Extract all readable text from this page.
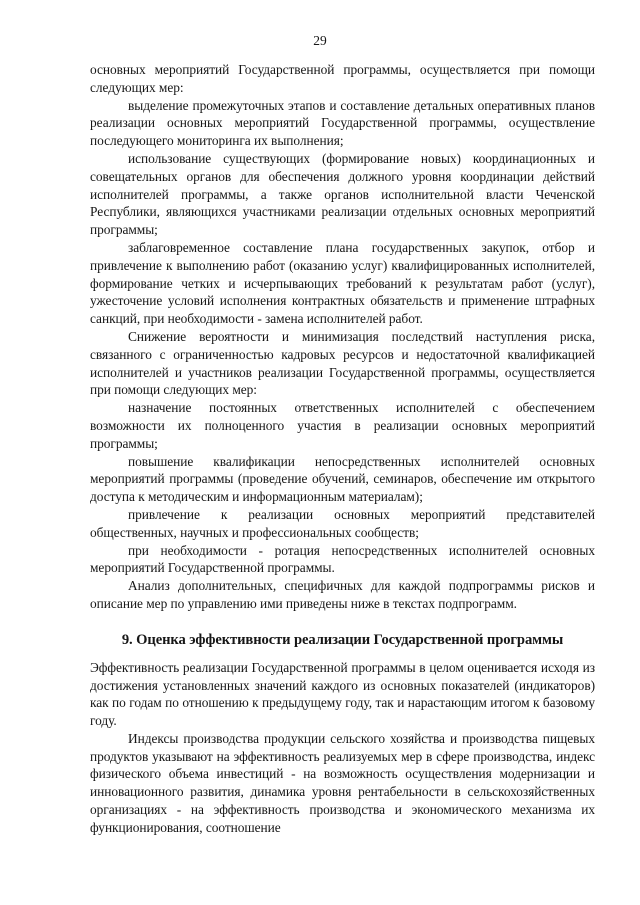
29

основных мероприятий Государственной программы, осуществляется при помощи следующих мер:

выделение промежуточных этапов и составление детальных оперативных планов реализации основных мероприятий Государственной программы, осуществление последующего мониторинга их выполнения;

использование существующих (формирование новых) координационных и совещательных органов для обеспечения должного уровня координации действий исполнителей программы, а также органов исполнительной власти Чеченской Республики, являющихся участниками реализации отдельных основных мероприятий программы;

заблаговременное составление плана государственных закупок, отбор и привлечение к выполнению работ (оказанию услуг) квалифицированных исполнителей, формирование четких и исчерпывающих требований к результатам работ (услуг), ужесточение условий исполнения контрактных обязательств и применение штрафных санкций, при необходимости - замена исполнителей работ.

Снижение вероятности и минимизация последствий наступления риска, связанного с ограниченностью кадровых ресурсов и недостаточной квалификацией исполнителей и участников реализации Государственной программы, осуществляется при помощи следующих мер:

назначение постоянных ответственных исполнителей с обеспечением возможности их полноценного участия в реализации основных мероприятий программы;

повышение квалификации непосредственных исполнителей основных мероприятий программы (проведение обучений, семинаров, обеспечение им открытого доступа к методическим и информационным материалам);

привлечение к реализации основных мероприятий представителей общественных, научных и профессиональных сообществ;

при необходимости - ротация непосредственных исполнителей основных мероприятий Государственной программы.

Анализ дополнительных, специфичных для каждой подпрограммы рисков и описание мер по управлению ими приведены ниже в текстах подпрограмм.

9. Оценка эффективности реализации Государственной программы

Эффективность реализации Государственной программы в целом оценивается исходя из достижения установленных значений каждого из основных показателей (индикаторов) как по годам по отношению к предыдущему году, так и нарастающим итогом к базовому году.

Индексы производства продукции сельского хозяйства и производства пищевых продуктов указывают на эффективность реализуемых мер в сфере производства, индекс физического объема инвестиций - на возможность осуществления модернизации и инновационного развития, динамика уровня рентабельности в сельскохозяйственных организациях - на эффективность производства и экономического механизма их функционирования, соотношение
